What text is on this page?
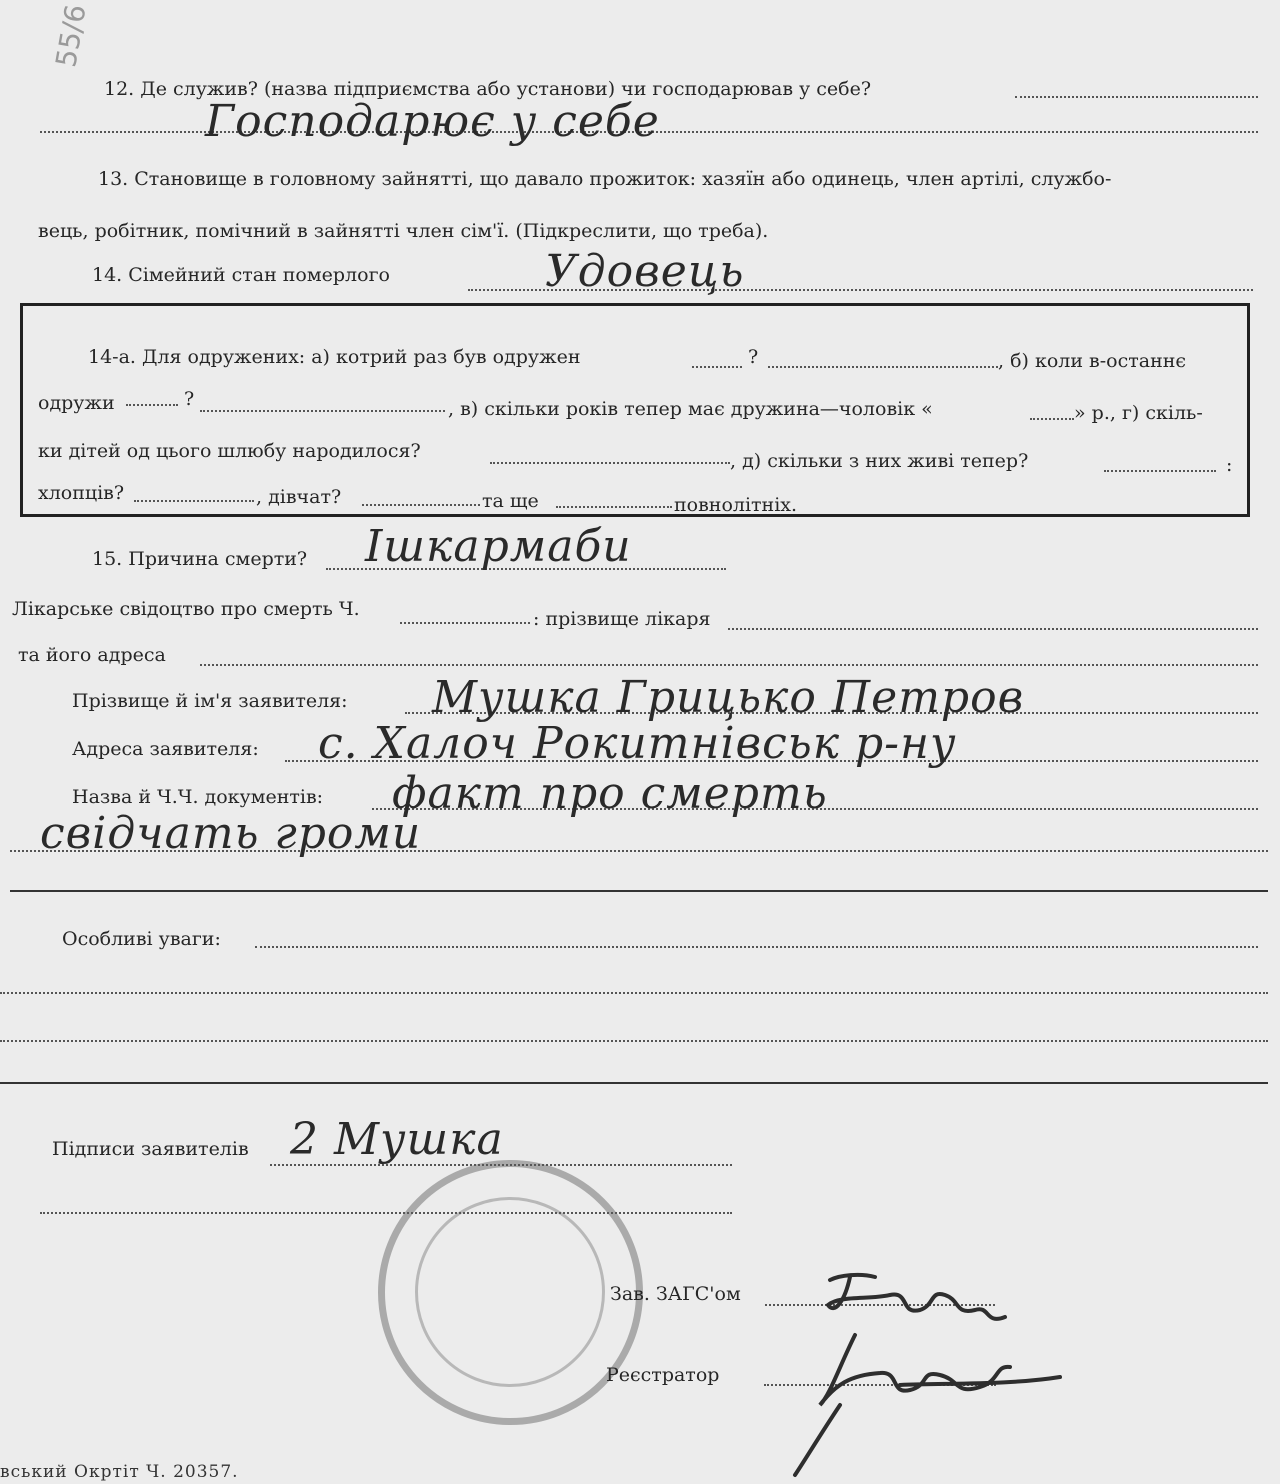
55/6
12. Де служив? (назва підприємства або установи) чи господарював у себе?
Господарює у себе
13. Становище в головному зайнятті, що давало прожиток: хазяїн або одинець, член артілі, службо-
вець, робітник, помічний в зайнятті член сім'ї. (Підкреслити, що треба).
14. Сімейний стан померлого	Удовець
14-а. Для одружених: а) котрий раз був одружен	?	, б) коли в-останнє
одружи	?	, в) скільки років тепер має дружина—чоловік «	» р., г) скіль-
ки дітей од цього шлюбу народилося?	, д) скільки з них живі тепер?	:
хлопців?	, дівчат?	та ще	повнолітніх.
15. Причина смерти? Ішкармаби
Лікарське свідоцтво про смерть Ч.	: прізвище лікаря
та його адреса
Прізвище й ім'я заявителя: Мушка Грицько Петров
Адреса заявителя: с. Халоч Рокитнівськ р-ну
Назва й Ч.Ч. документів: факт про смерть
свідчать громи
Особливі уваги:
Підписи заявителів 2 Мушка
Зав. ЗАГС'ом
Реєстратор
вський Окртіт Ч. 20357.
